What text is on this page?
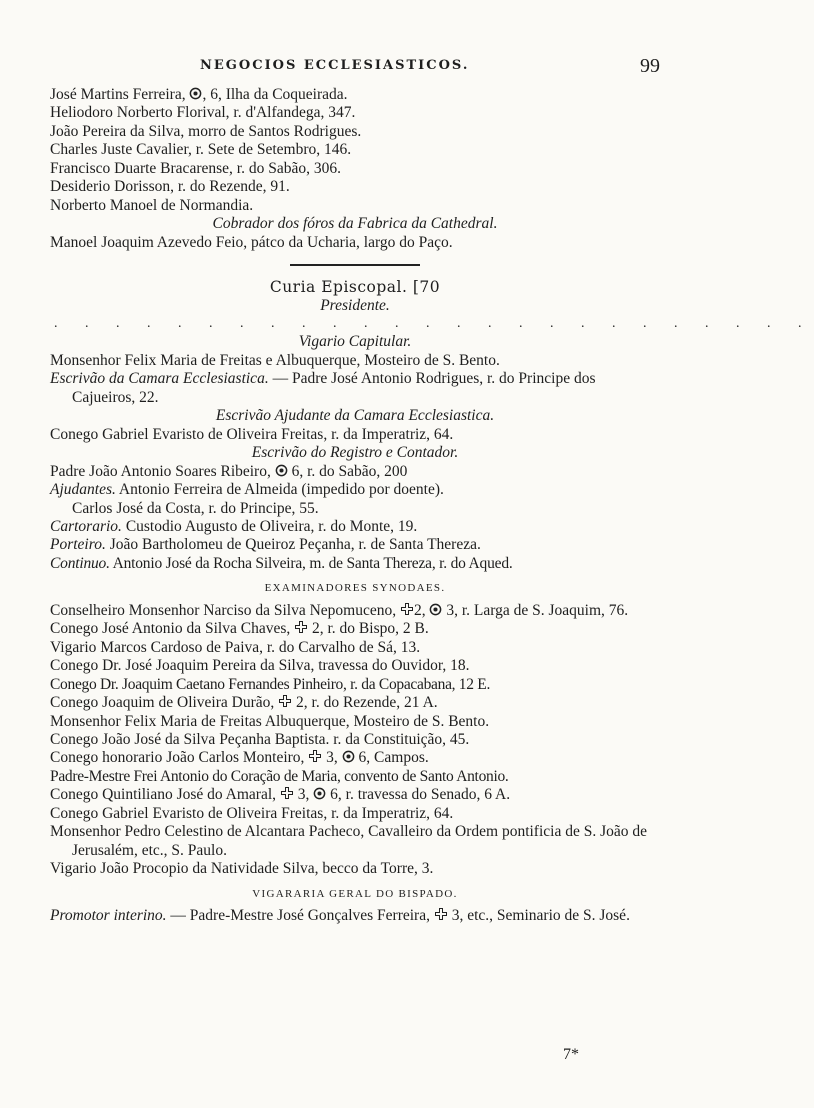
NEGOCIOS ECCLESIASTICOS.	99
José Martins Ferreira, , 6, Ilha da Coqueirada.
Heliodoro Norberto Florival, r. d'Alfandega, 347.
João Pereira da Silva, morro de Santos Rodrigues.
Charles Juste Cavalier, r. Sete de Setembro, 146.
Francisco Duarte Bracarense, r. do Sabão, 306.
Desiderio Dorisson, r. do Rezende, 91.
Norberto Manoel de Normandia.
Cobrador dos fóros da Fabrica da Cathedral.
Manoel Joaquim Azevedo Feio, pátco da Ucharia, largo do Paço.
Curia Episcopal. [70
Presidente.
. . . . . . . . . . . . . . . . . . . . . . . . .
Vigario Capitular.
Monsenhor Felix Maria de Freitas e Albuquerque, Mosteiro de S. Bento.
Escrivão da Camara Ecclesiastica. — Padre José Antonio Rodrigues, r. do Principe dos Cajueiros, 22.
Escrivão Ajudante da Camara Ecclesiastica.
Conego Gabriel Evaristo de Oliveira Freitas, r. da Imperatriz, 64.
Escrivão do Registro e Contador.
Padre João Antonio Soares Ribeiro,  6, r. do Sabão, 200
Ajudantes. Antonio Ferreira de Almeida (impedido por doente).
Carlos José da Costa, r. do Principe, 55.
Cartorario. Custodio Augusto de Oliveira, r. do Monte, 19.
Porteiro. João Bartholomeu de Queiroz Peçanha, r. de Santa Thereza.
Continuo. Antonio José da Rocha Silveira, m. de Santa Thereza, r. do Aqued.
EXAMINADORES SYNODAES.
Conselheiro Monsenhor Narciso da Silva Nepomuceno, 2,  3, r. Larga de S. Joaquim, 76.
Conego José Antonio da Silva Chaves,  2, r. do Bispo, 2 B.
Vigario Marcos Cardoso de Paiva, r. do Carvalho de Sá, 13.
Conego Dr. José Joaquim Pereira da Silva, travessa do Ouvidor, 18.
Conego Dr. Joaquim Caetano Fernandes Pinheiro, r. da Copacabana, 12 E.
Conego Joaquim de Oliveira Durão,  2, r. do Rezende, 21 A.
Monsenhor Felix Maria de Freitas Albuquerque, Mosteiro de S. Bento.
Conego João José da Silva Peçanha Baptista. r. da Constituição, 45.
Conego honorario João Carlos Monteiro,  3,  6, Campos.
Padre-Mestre Frei Antonio do Coração de Maria, convento de Santo Antonio.
Conego Quintiliano José do Amaral,  3,  6, r. travessa do Senado, 6 A.
Conego Gabriel Evaristo de Oliveira Freitas, r. da Imperatriz, 64.
Monsenhor Pedro Celestino de Alcantara Pacheco, Cavalleiro da Ordem pontificia de S. João de Jerusalém, etc., S. Paulo.
Vigario João Procopio da Natividade Silva, becco da Torre, 3.
VIGARARIA GERAL DO BISPADO.
Promotor interino. — Padre-Mestre José Gonçalves Ferreira,  3, etc., Seminario de S. José.
7*
